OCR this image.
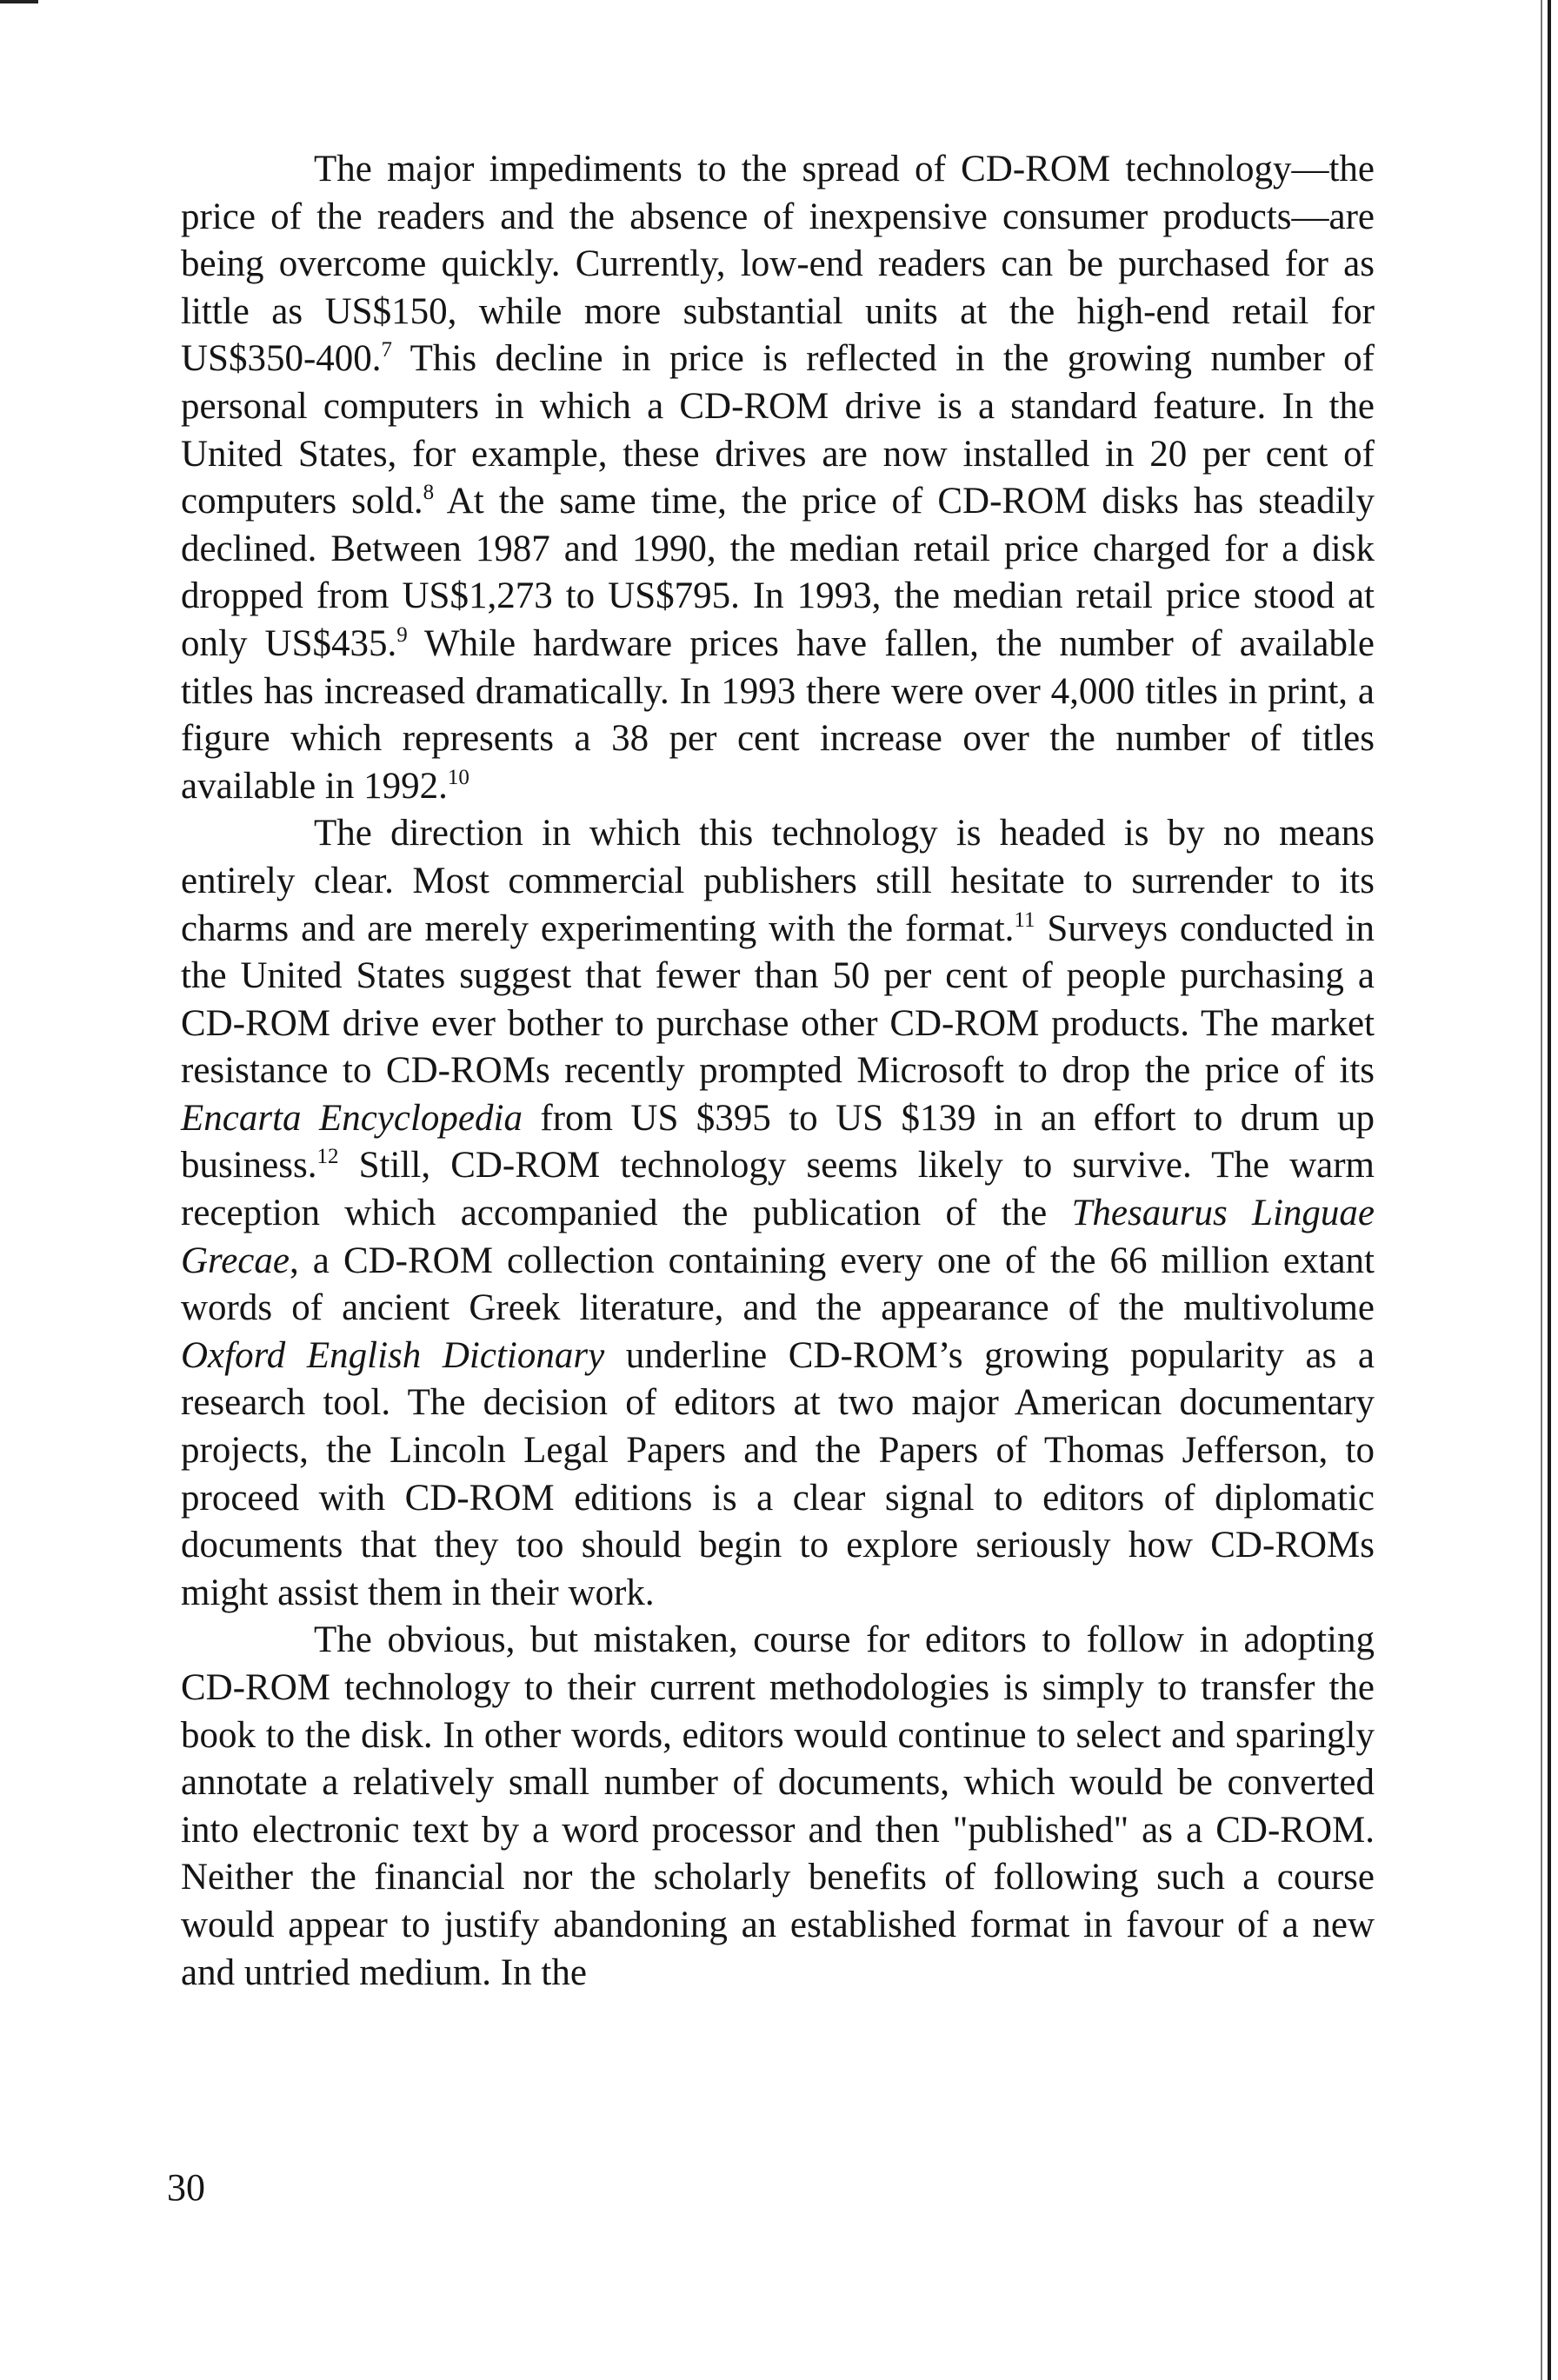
The major impediments to the spread of CD-ROM technology—the price of the readers and the absence of inexpensive consumer products—are being overcome quickly. Currently, low-end readers can be purchased for as little as US$150, while more substantial units at the high-end retail for US$350-400.$^7$ This decline in price is reflected in the growing number of personal computers in which a CD-ROM drive is a standard feature. In the United States, for example, these drives are now installed in 20 per cent of computers sold.$^8$ At the same time, the price of CD-ROM disks has steadily declined. Between 1987 and 1990, the median retail price charged for a disk dropped from US$1,273 to US$795. In 1993, the median retail price stood at only US$435.$^9$ While hardware prices have fallen, the number of available titles has increased dramatically. In 1993 there were over 4,000 titles in print, a figure which represents a 38 per cent increase over the number of titles available in 1992.10

The direction in which this technology is headed is by no means entirely clear. Most commercial publishers still hesitate to surrender to its charms and are merely experimenting with the format.$^{11}$ Surveys conducted in the United States suggest that fewer than 50 per cent of people purchasing a CD-ROM drive ever bother to purchase other CD-ROM products. The market resistance to CD-ROMs recently prompted Microsoft to drop the price of its Encarta Encyclopedia from US $395 to US $139 in an effort to drum up business.$^{12}$ Still, CD-ROM technology seems likely to survive. The warm reception which accompanied the publication of the Thesaurus Linguae Grecae, a CD-ROM collection containing every one of the 66 million extant words of ancient Greek literature, and the appearance of the multivolume Oxford English Dictionary underline CD-ROM’s growing popularity as a research tool. The decision of editors at two major American documentary projects, the Lincoln Legal Papers and the Papers of Thomas Jefferson, to proceed with CD-ROM editions is a clear signal to editors of diplomatic documents that they too should begin to explore seriously how CD-ROMs might assist them in their work.

The obvious, but mistaken, course for editors to follow in adopting CD-ROM technology to their current methodologies is simply to transfer the book to the disk. In other words, editors would continue to select and sparingly annotate a relatively small number of documents, which would be converted into electronic text by a word processor and then "published" as a CD-ROM. Neither the financial nor the scholarly benefits of following such a course would appear to justify abandoning an established format in favour of a new and untried medium. In the

30
